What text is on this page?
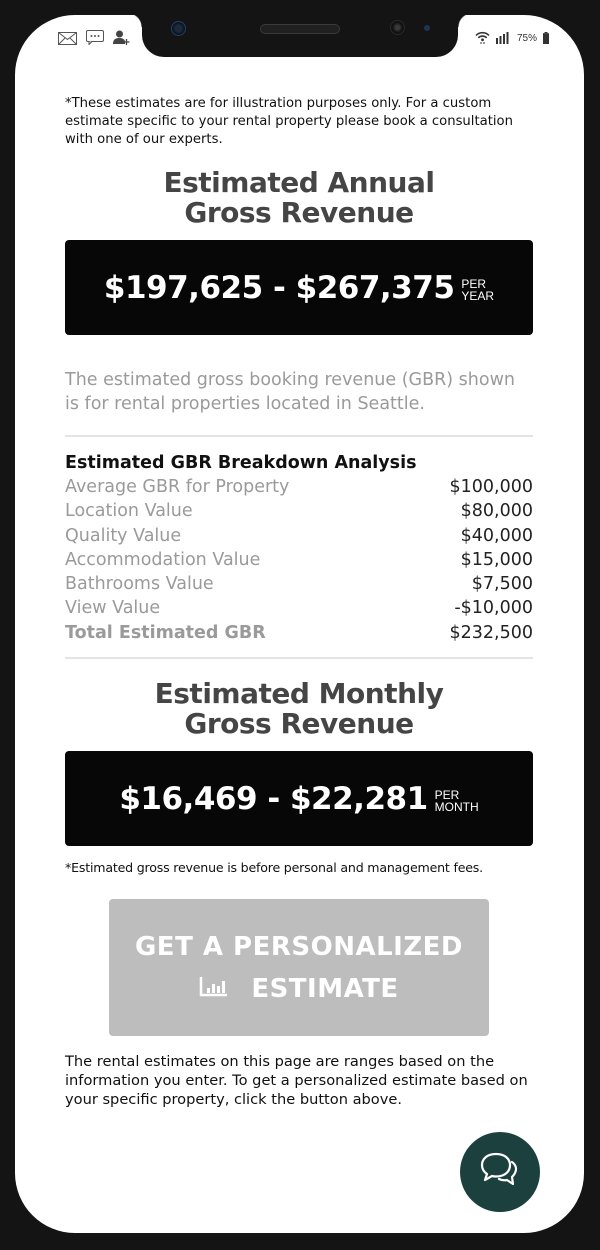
75%

*These estimates are for illustration purposes only. For a custom estimate specific to your rental property please book a consultation with one of our experts.

Estimated Annual
Gross Revenue
$197,625 - $267,375 PER
YEAR

The estimated gross booking revenue (GBR) shown is for rental properties located in Seattle.

Estimated GBR Breakdown Analysis
Average GBR for Property	$100,000
Location Value	$80,000
Quality Value	$40,000
Accommodation Value	$15,000
Bathrooms Value	$7,500
View Value	-$10,000
Total Estimated GBR	$232,500
Estimated Monthly
Gross Revenue
$16,469 - $22,281 PER
MONTH

*Estimated gross revenue is before personal and management fees.

GET A PERSONALIZED
ESTIMATE

The rental estimates on this page are ranges based on the information you enter. To get a personalized estimate based on your specific property, click the button above.
